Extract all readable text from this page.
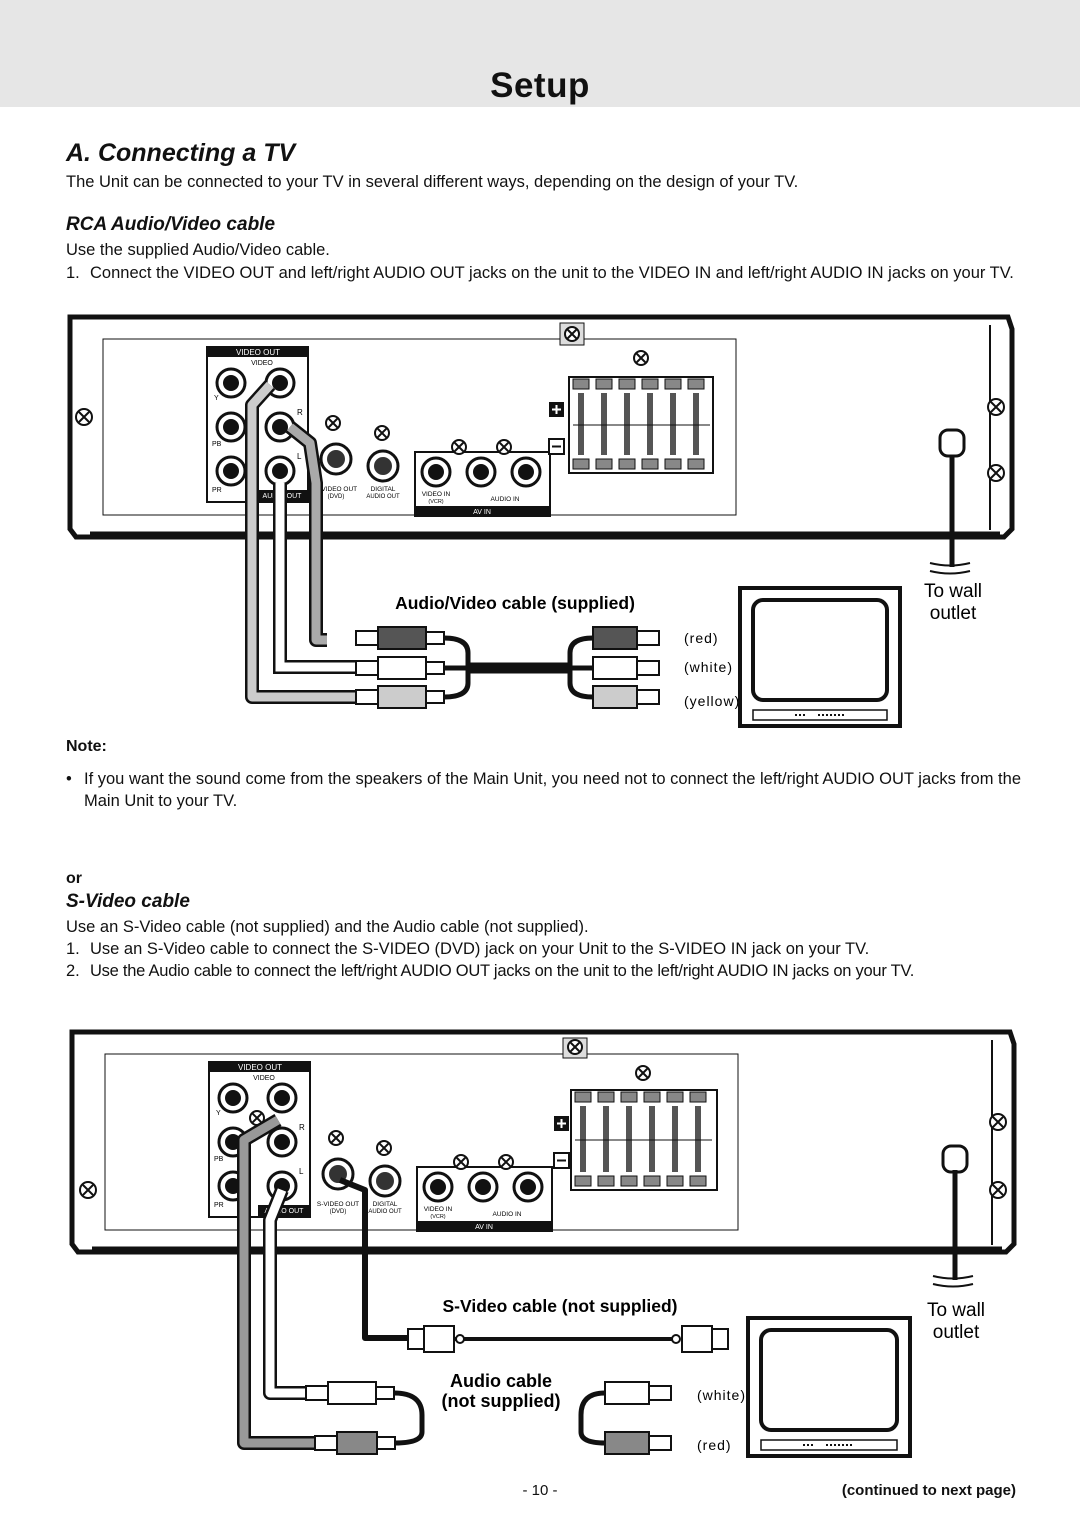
Setup

A. Connecting a TV

The Unit can be connected to your TV in several different ways, depending on the design of your TV.

RCA Audio/Video cable

Use the supplied Audio/Video cable.

1. Connect the VIDEO OUT and left/right AUDIO OUT jacks on the unit to the VIDEO IN and left/right AUDIO IN jacks on your TV.
VIDEO OUT
VIDEO
Y
PB
PR
R
L
AUDIO OUT
S-VIDEO OUT
(DVD)
DIGITAL
AUDIO OUT	VIDEO IN
(VCR)	AUDIO IN
AV IN
Audio/Video cable (supplied)
(red)
(white)
(yellow)
To wall
outlet

Note:

• If you want the sound come from the speakers of the Main Unit, you need not to connect the left/right AUDIO OUT jacks from the Main Unit to your TV.

or

S-Video cable

Use an S-Video cable (not supplied) and the Audio cable (not supplied).

1. Use an S-Video cable to connect the S-VIDEO (DVD) jack on your Unit to the S-VIDEO IN jack on your TV.
2. Use the Audio cable to connect the left/right AUDIO OUT jacks on the unit to the left/right AUDIO IN jacks on your TV.
VIDEO OUT
VIDEO
Y
PB
PR
R
L
AUDIO OUT
S-VIDEO OUT
(DVD)
DIGITAL
AUDIO OUT	VIDEO IN
(VCR)	AUDIO IN
AV IN
S-Video cable (not supplied)
Audio cable
(not supplied)	(white)
(red)
To wall
outlet

- 10 -	(continued to next page)
